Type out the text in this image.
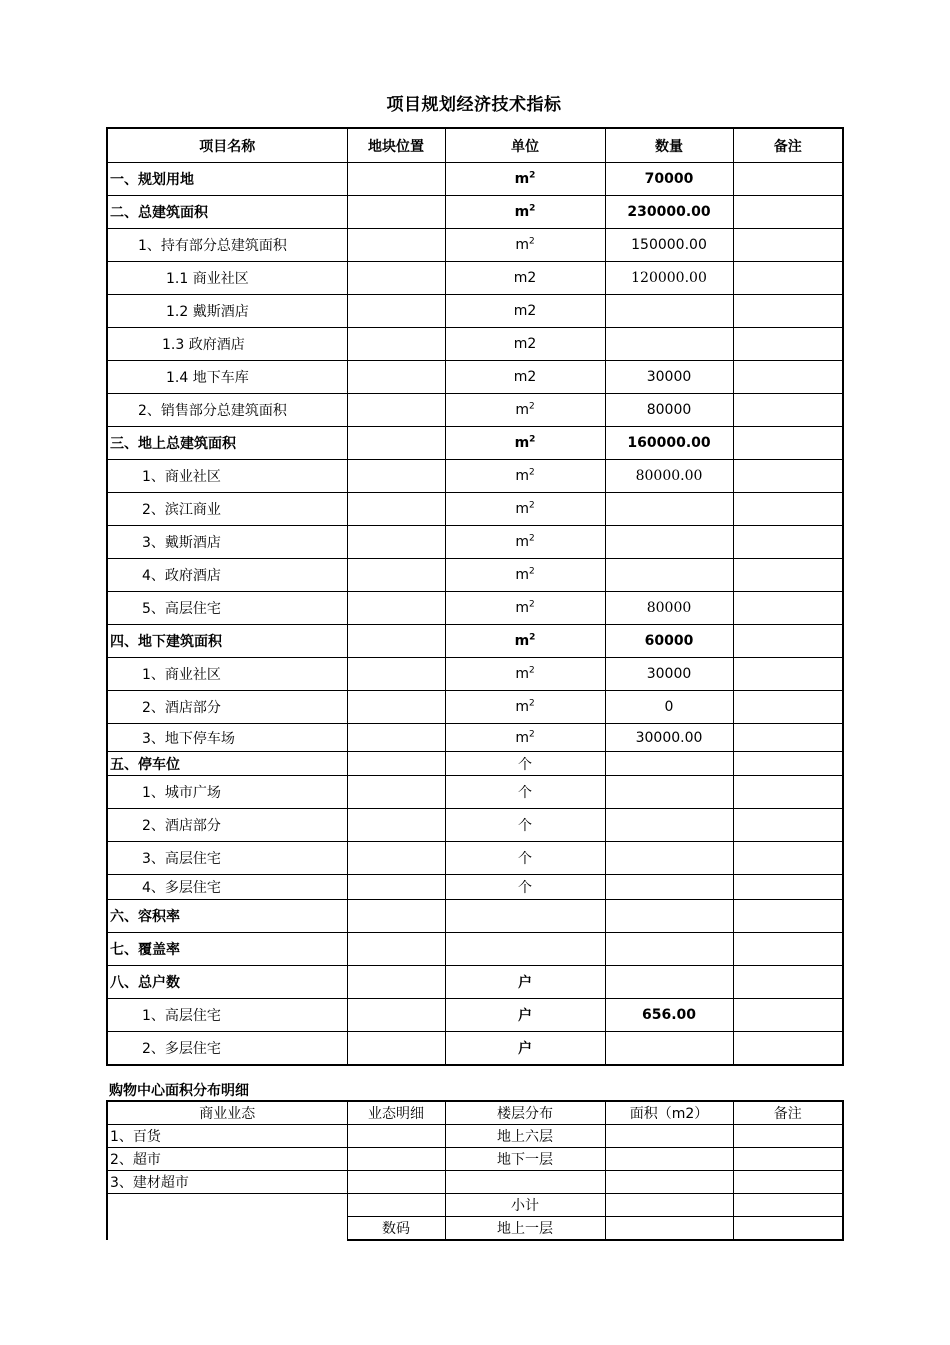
项目规划经济技术指标
项目名称	地块位置	单位	数量	备注
一、规划用地		$m^2$	70000	
二、总建筑面积		$m^2$	230000.00	
1、持有部分总建筑面积		$m^2$	150000.00	
1.1 商业社区		m2	120000.00	
1.2 戴斯酒店		m2		
1.3 政府酒店		m2		
1.4 地下车库		m2	30000	
2、销售部分总建筑面积		$m^2$	80000	
三、地上总建筑面积		$m^2$	160000.00	
1、商业社区		$m^2$	80000.00	
2、滨江商业		$m^2$		
3、戴斯酒店		$m^2$		
4、政府酒店		$m^2$		
5、高层住宅		$m^2$	80000	
四、地下建筑面积		$m^2$	60000	
1、商业社区		$m^2$	30000	
2、酒店部分		$m^2$	0	
3、地下停车场		$m^2$	30000.00	
五、停车位		个		
1、城市广场		个		
2、酒店部分		个		
3、高层住宅		个		
4、多层住宅		个		
六、容积率				
七、覆盖率				
八、总户数		户		
1、高层住宅		户	656.00	
2、多层住宅		户		
购物中心面积分布明细
商业业态	业态明细	楼层分布	面积（m2）	备注
1、百货		地上六层		
2、超市		地下一层		
3、建材超市				
		小计		
	数码	地上一层		
